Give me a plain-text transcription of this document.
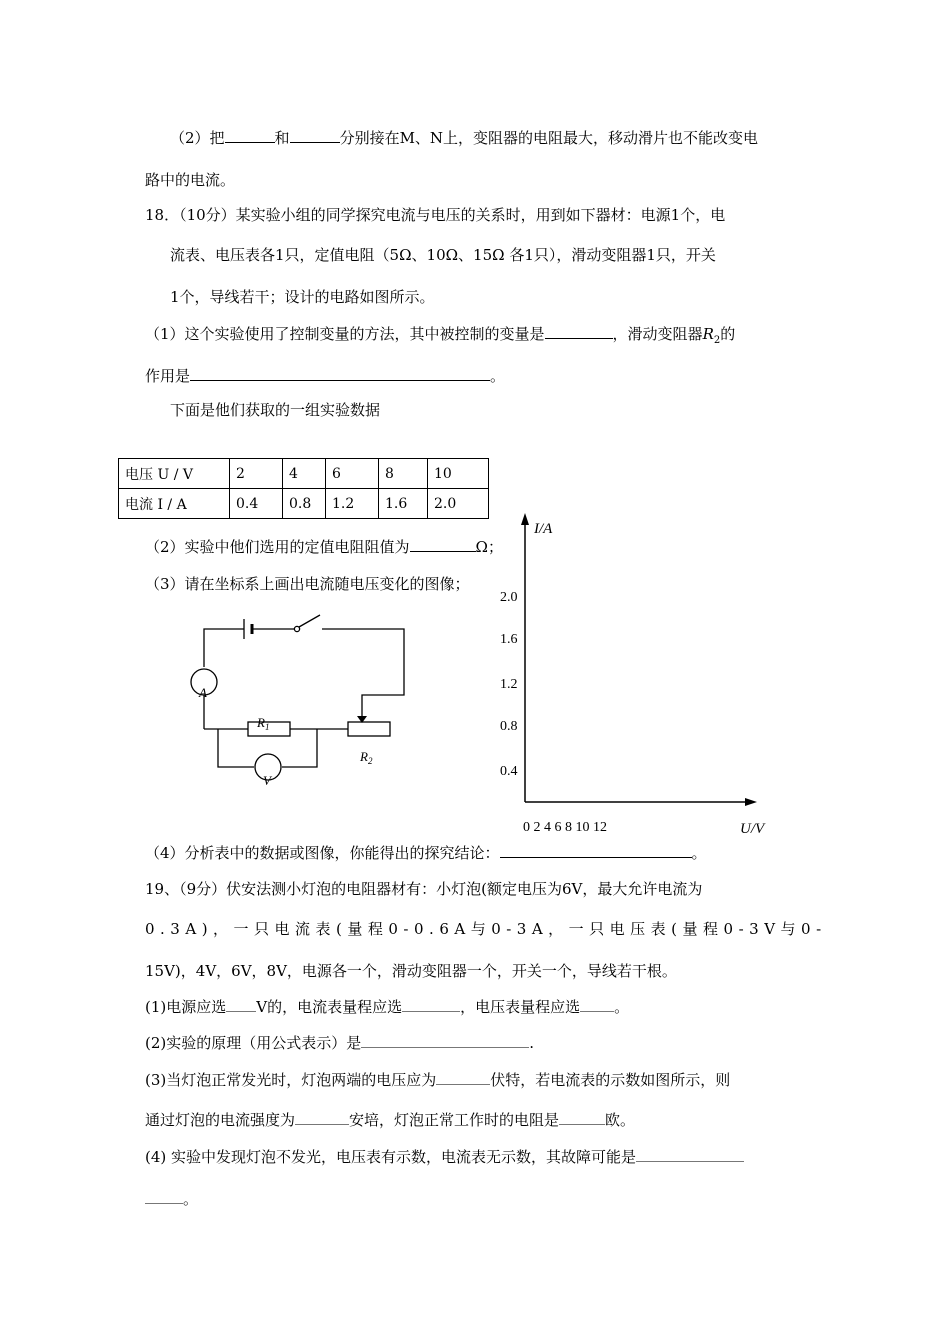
（2）把	和	分别接在M、N上，变阻器的电阻最大，移动滑片也不能改变电
路中的电流。
18．（10分）某实验小组的同学探究电流与电压的关系时，用到如下器材：电源1个，电
流表、电压表各1只，定值电阻（5Ω、10Ω、15Ω 各1只），滑动变阻器1只，开关
1个，导线若干；设计的电路如图所示。
（1）这个实验使用了控制变量的方法，其中被控制的变量是	，滑动变阻器$R_2$的
作用是	。
下面是他们获取的一组实验数据
电压 U / V	2	4	6	8	10
电流 I / A	0.4	0.8	1.2	1.6	2.0
（2）实验中他们选用的定值电阻阻值为	Ω；
（3）请在坐标系上画出电流随电压变化的图像；
A
V
$R_1$
$R_2$
I/A
U/V
0.4
0.8
1.2
1.6
2.0
0 2 4 6 8 10 12
（4）分析表中的数据或图像，你能得出的探究结论：	。
19、（9分）伏安法测小灯泡的电阻器材有：小灯泡(额定电压为6V，最大允许电流为
0.3A)，一只电流表(量程0-0.6A与0-3A，一只电压表(量程0-3V与0-
15V)，4V，6V，8V，电源各一个，滑动变阻器一个，开关一个，导线若干根。
(1)电源应选 V的，电流表量程应选	，电压表量程应选 。
(2)实验的原理（用公式表示）是	.
(3)当灯泡正常发光时，灯泡两端的电压应为	伏特，若电流表的示数如图所示，则
通过灯泡的电流强度为	安培，灯泡正常工作时的电阻是	欧。
(4) 实验中发现灯泡不发光，电压表有示数，电流表无示数，其故障可能是
。
